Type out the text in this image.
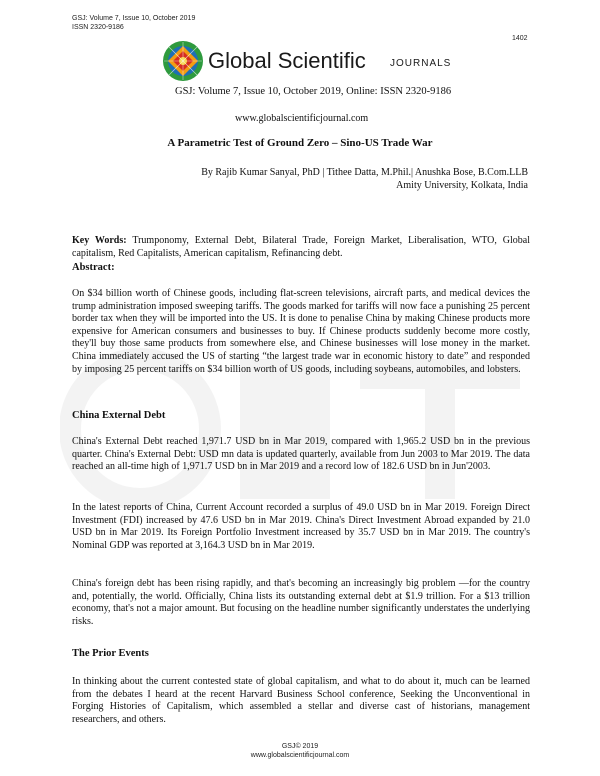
GSJ: Volume 7, Issue 10, October 2019
ISSN 2320-9186
1402
Global Scientific JOURNALS
GSJ: Volume 7, Issue 10, October 2019, Online: ISSN 2320-9186
www.globalscientificjournal.com
A Parametric Test of Ground Zero – Sino-US Trade War
By Rajib Kumar Sanyal, PhD | Tithee Datta, M.Phil.| Anushka Bose, B.Com.LLB
Amity University, Kolkata, India

Key Words: Trumponomy, External Debt, Bilateral Trade, Foreign Market, Liberalisation, WTO, Global capitalism, Red Capitalists, American capitalism, Refinancing debt.

Abstract:

On $34 billion worth of Chinese goods, including flat-screen televisions, aircraft parts, and medical devices the trump administration imposed sweeping tariffs. The goods marked for tariffs will now face a punishing 25 percent border tax when they will be imported into the US. It is done to penalise China by making Chinese products more expensive for American consumers and businesses to buy. If Chinese products suddenly become more costly, they'll buy those same products from somewhere else, and Chinese businesses will lose money in the market. China immediately accused the US of starting “the largest trade war in economic history to date” and responded by imposing 25 percent tariffs on $34 billion worth of US goods, including soybeans, automobiles, and lobsters.

China External Debt

China's External Debt reached 1,971.7 USD bn in Mar 2019, compared with 1,965.2 USD bn in the previous quarter. China's External Debt: USD mn data is updated quarterly, available from Jun 2003 to Mar 2019. The data reached an all-time high of 1,971.7 USD bn in Mar 2019 and a record low of 182.6 USD bn in Jun'2003.

In the latest reports of China, Current Account recorded a surplus of 49.0 USD bn in Mar 2019. Foreign Direct Investment (FDI) increased by 47.6 USD bn in Mar 2019. China's Direct Investment Abroad expanded by 21.0 USD bn in Mar 2019. Its Foreign Portfolio Investment increased by 35.7 USD bn in Mar 2019. The country's Nominal GDP was reported at 3,164.3 USD bn in Mar 2019.

China's foreign debt has been rising rapidly, and that's becoming an increasingly big problem —for the country and, potentially, the world. Officially, China lists its outstanding external debt at $1.9 trillion. For a $13 trillion economy, that's not a major amount. But focusing on the headline number significantly understates the underlying risks.

The Prior Events

In thinking about the current contested state of global capitalism, and what to do about it, much can be learned from the debates I heard at the recent Harvard Business School conference, Seeking the Unconventional in Forging Histories of Capitalism, which assembled a stellar and diverse cast of historians, management researchers, and others.

GSJ© 2019
www.globalscientificjournal.com
